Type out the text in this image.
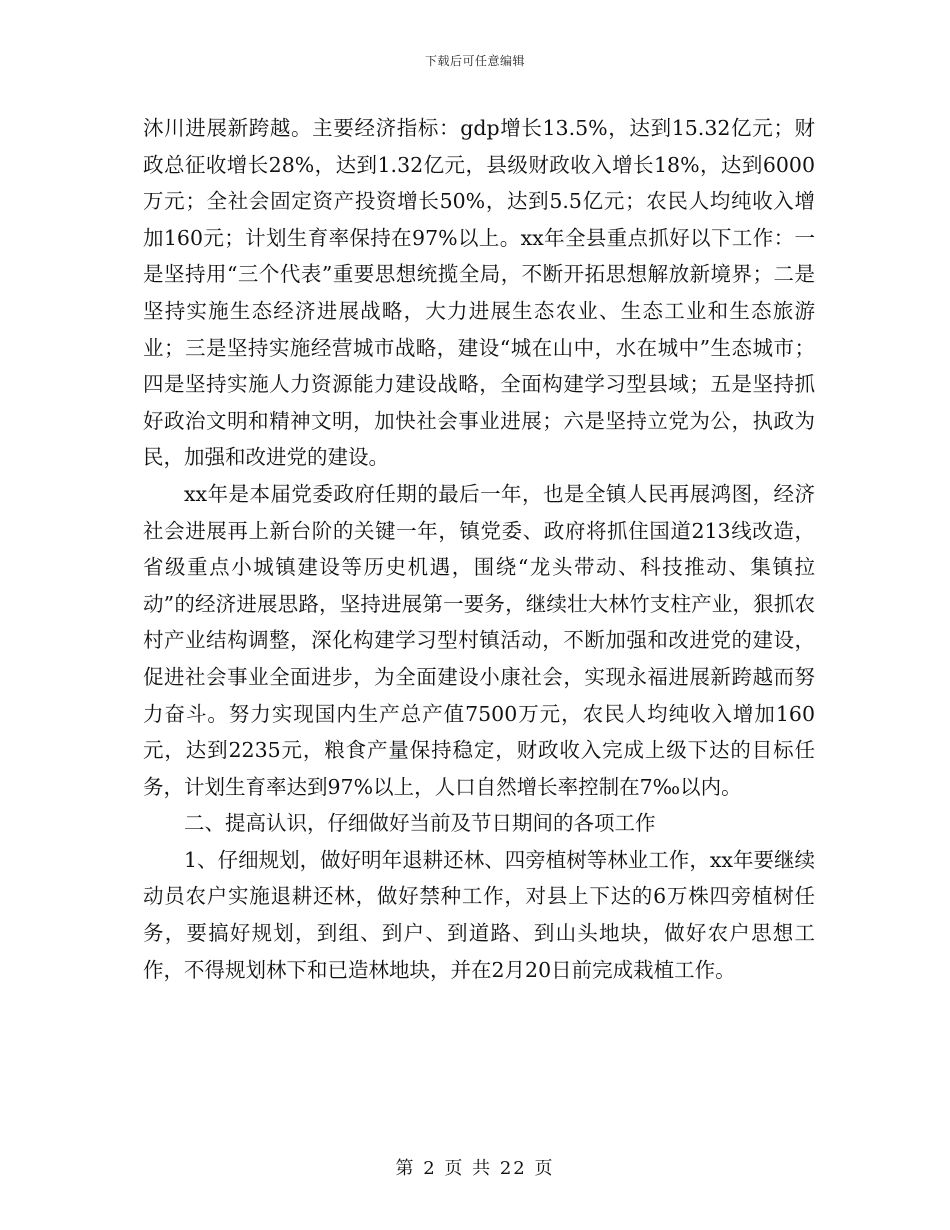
下载后可任意编辑

沐川进展新跨越。主要经济指标：gdp增长13.5%，达到15.32亿元；财政总征收增长28%，达到1.32亿元，县级财政收入增长18%，达到6000万元；全社会固定资产投资增长50%，达到5.5亿元；农民人均纯收入增加160元；计划生育率保持在97%以上。xx年全县重点抓好以下工作：一是坚持用“三个代表”重要思想统揽全局，不断开拓思想解放新境界；二是坚持实施生态经济进展战略，大力进展生态农业、生态工业和生态旅游业；三是坚持实施经营城市战略，建设“城在山中，水在城中”生态城市；四是坚持实施人力资源能力建设战略，全面构建学习型县域；五是坚持抓好政治文明和精神文明，加快社会事业进展；六是坚持立党为公，执政为民，加强和改进党的建设。

xx年是本届党委政府任期的最后一年，也是全镇人民再展鸿图，经济社会进展再上新台阶的关键一年，镇党委、政府将抓住国道213线改造，省级重点小城镇建设等历史机遇，围绕“龙头带动、科技推动、集镇拉动”的经济进展思路，坚持进展第一要务，继续壮大林竹支柱产业，狠抓农村产业结构调整，深化构建学习型村镇活动，不断加强和改进党的建设，促进社会事业全面进步，为全面建设小康社会，实现永福进展新跨越而努力奋斗。努力实现国内生产总产值7500万元，农民人均纯收入增加160元，达到2235元，粮食产量保持稳定，财政收入完成上级下达的目标任务，计划生育率达到97%以上，人口自然增长率控制在7‰以内。

二、提高认识，仔细做好当前及节日期间的各项工作

1、仔细规划，做好明年退耕还林、四旁植树等林业工作，xx年要继续动员农户实施退耕还林，做好禁种工作，对县上下达的6万株四旁植树任务，要搞好规划，到组、到户、到道路、到山头地块，做好农户思想工作，不得规划林下和已造林地块，并在2月20日前完成栽植工作。

第 2 页 共 22 页
